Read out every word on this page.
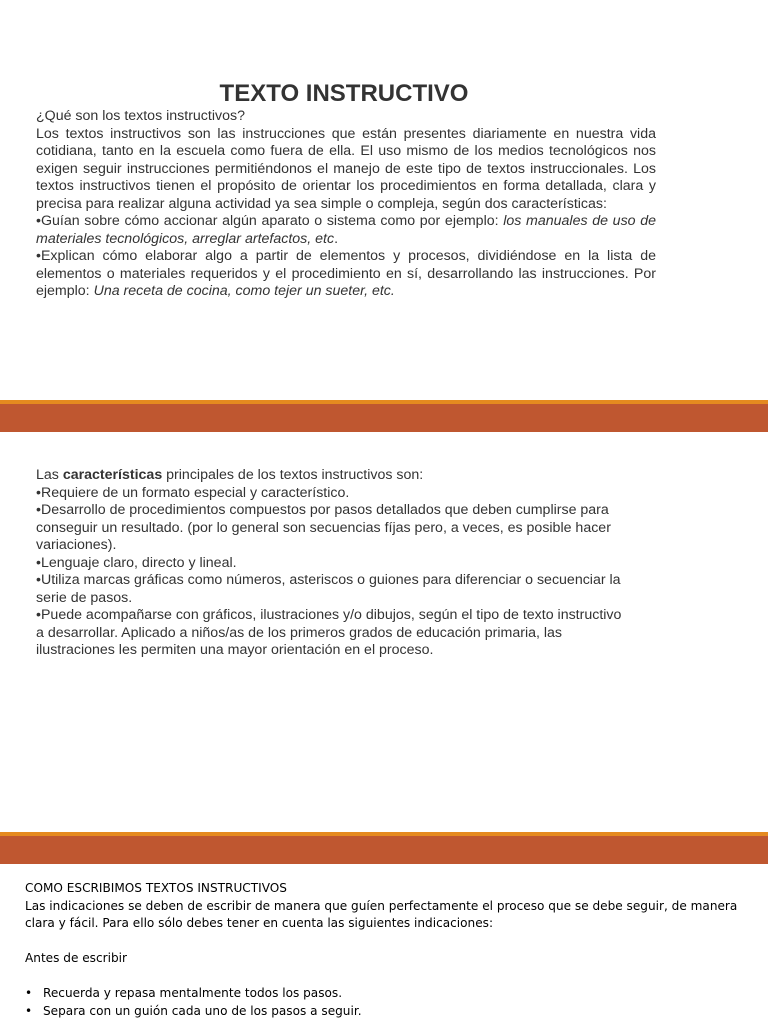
TEXTO INSTRUCTIVO

¿Qué son los textos instructivos?

Los textos instructivos son las instrucciones que están presentes diariamente en nuestra vida cotidiana, tanto en la escuela como fuera de ella. El uso mismo de los medios tecnológicos nos exigen seguir instrucciones permitiéndonos el manejo de este tipo de textos instruccionales. Los textos instructivos tienen el propósito de orientar los procedimientos en forma detallada, clara y precisa para realizar alguna actividad ya sea simple o compleja, según dos características:

•Guían sobre cómo accionar algún aparato o sistema como por ejemplo: los manuales de uso de materiales tecnológicos, arreglar artefactos, etc.

•Explican cómo elaborar algo a partir de elementos y procesos, dividiéndose en la lista de elementos o materiales requeridos y el procedimiento en sí, desarrollando las instrucciones. Por ejemplo: Una receta de cocina, como tejer un sueter, etc.

Las características principales de los textos instructivos son:

•Requiere de un formato especial y característico.

•Desarrollo de procedimientos compuestos por pasos detallados que deben cumplirse para conseguir un resultado. (por lo general son secuencias fíjas pero, a veces, es posible hacer variaciones).

•Lenguaje claro, directo y lineal.

•Utiliza marcas gráficas como números, asteriscos o guiones para diferenciar o secuenciar la serie de pasos.

•Puede acompañarse con gráficos, ilustraciones y/o dibujos, según el tipo de texto instructivo a desarrollar. Aplicado a niños/as de los primeros grados de educación primaria, las ilustraciones les permiten una mayor orientación en el proceso.

COMO ESCRIBIMOS TEXTOS INSTRUCTIVOS

Las indicaciones se deben de escribir de manera que guíen perfectamente el proceso que se debe seguir, de manera clara y fácil. Para ello sólo debes tener en cuenta las siguientes indicaciones:

Antes de escribir

• Recuerda y repasa mentalmente todos los pasos.
• Separa con un guión cada uno de los pasos a seguir.
